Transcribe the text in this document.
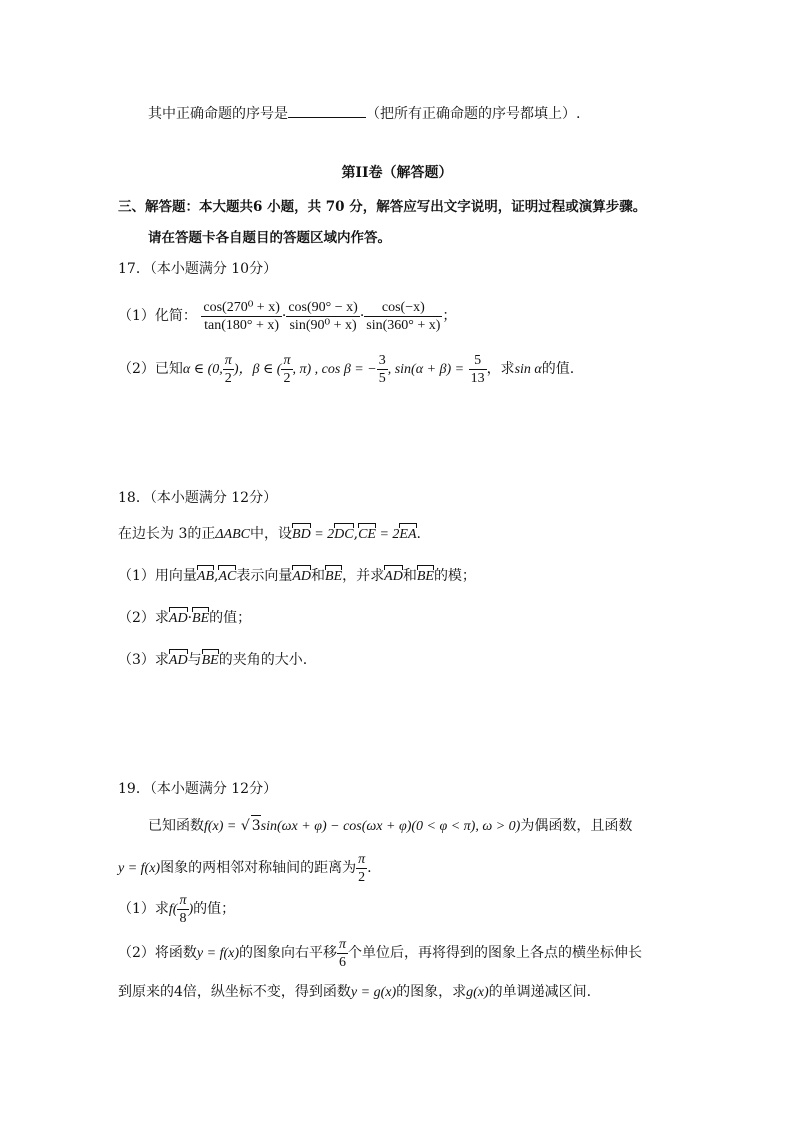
其中正确命题的序号是	（把所有正确命题的序号都填上）.
第II卷（解答题）
三、解答题：本大题共6 小题，共 70 分，解答应写出文字说明，证明过程或演算步骤。
请在答题卡各自题目的答题区域内作答。
17．（本小题满分 10分）
（1）化简： $\frac{\text{cos(270⁰ + x)}}{\tan(180^\circ + x)} \cdot \frac{\cos(90^\circ - x)}{\text{sin(90⁰ + x)}} \cdot \frac{\cos(-x)}{\sin(360^\circ + x)}$ ；
（2）已知α ∈ (0, $\frac{\pi}{2}$ )，β ∈ ( $\frac{\pi}{2}$ , π) , cos β = − $\frac{3}{5}$ , $\sin(\alpha + \beta) = \frac{5}{13}$ ，求sin α的值.
18．（本小题满分 12分）
在边长为 3的正ΔABC中，设BD = 2DC,CE = 2EA.
（1）用向量AB,AC表示向量AD和BE，并求AD和BE的模；
（2）求AD·BE的值；
（3）求AD与BE的夹角的大小.
19．（本小题满分 12分）
已知函数f(x) = √ 3sin(ωx + φ) − cos(ωx + φ)(0 < φ < π), ω > 0)为偶函数，且函数
y = f(x)图象的两相邻对称轴间的距离为 $\frac{\pi}{2}$ .
（1）求$f( \frac{\pi}{8}$ )的值；
（2）将函数y = f(x)的图象向右平移 $\frac{\pi}{6}$ 个单位后，再将得到的图象上各点的横坐标伸长
到原来的4倍，纵坐标不变，得到函数y = g(x)的图象，求g(x)的单调递减区间.
